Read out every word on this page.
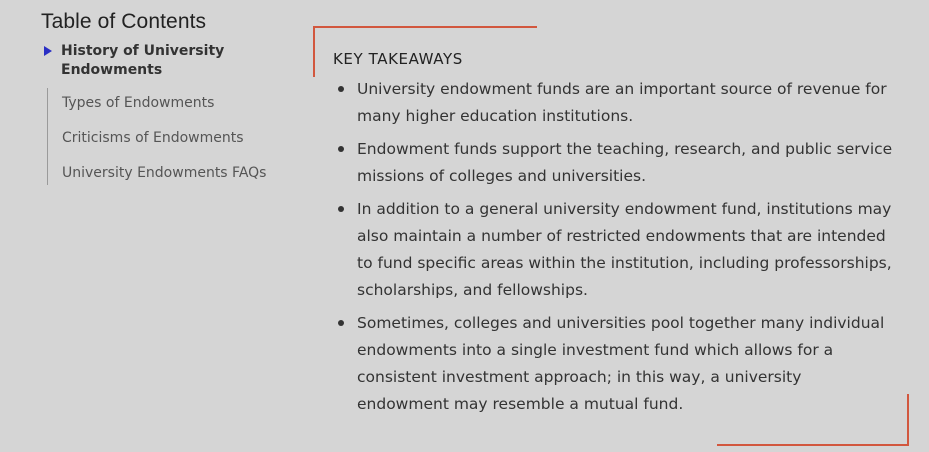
Table of Contents
History of University Endowments
Types of Endowments
Criticisms of Endowments
University Endowments FAQs
KEY TAKEAWAYS
University endowment funds are an important source of revenue for many higher education institutions.
Endowment funds support the teaching, research, and public service missions of colleges and universities.
In addition to a general university endowment fund, institutions may also maintain a number of restricted endowments that are intended to fund specific areas within the institution, including professorships, scholarships, and fellowships.
Sometimes, colleges and universities pool together many individual endowments into a single investment fund which allows for a consistent investment approach; in this way, a university endowment may resemble a mutual fund.
